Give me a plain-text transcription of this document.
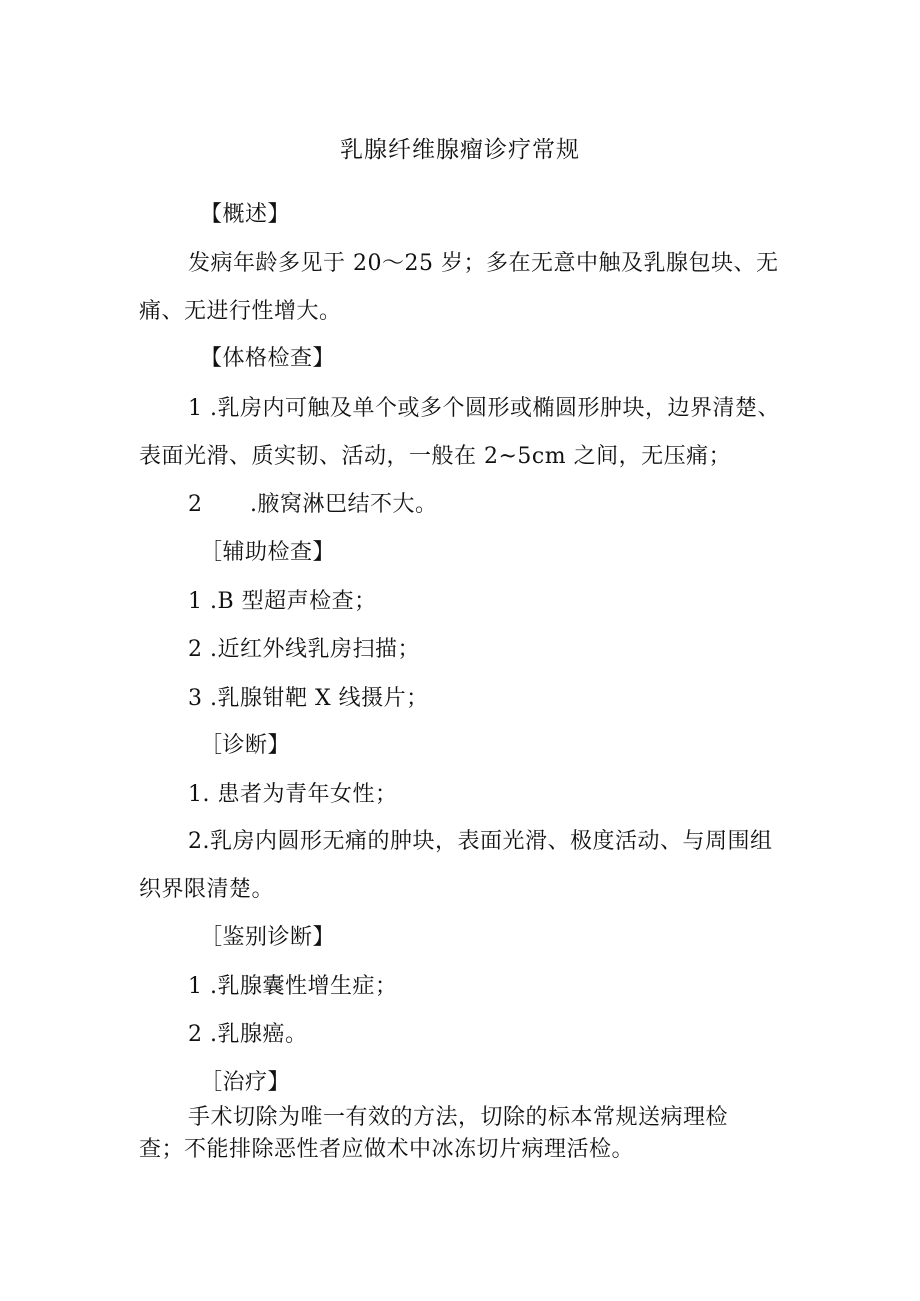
乳腺纤维腺瘤诊疗常规
【概述】
发病年龄多见于 20～25 岁；多在无意中触及乳腺包块、无
痛、无进行性增大。
【体格检查】
1 .乳房内可触及单个或多个圆形或椭圆形肿块，边界清楚、
表面光滑、质实韧、活动，一般在 2~5cm 之间，无压痛；
2 .腋窝淋巴结不大。
［辅助检查】
1 .B 型超声检查；
2 .近红外线乳房扫描；
3 .乳腺钳靶 X 线摄片；
［诊断】
1. 患者为青年女性；
2.乳房内圆形无痛的肿块，表面光滑、极度活动、与周围组
织界限清楚。
［鉴别诊断】
1 .乳腺囊性增生症；
2 .乳腺癌。
［治疗】
手术切除为唯一有效的方法，切除的标本常规送病理检
查；不能排除恶性者应做术中冰冻切片病理活检。
